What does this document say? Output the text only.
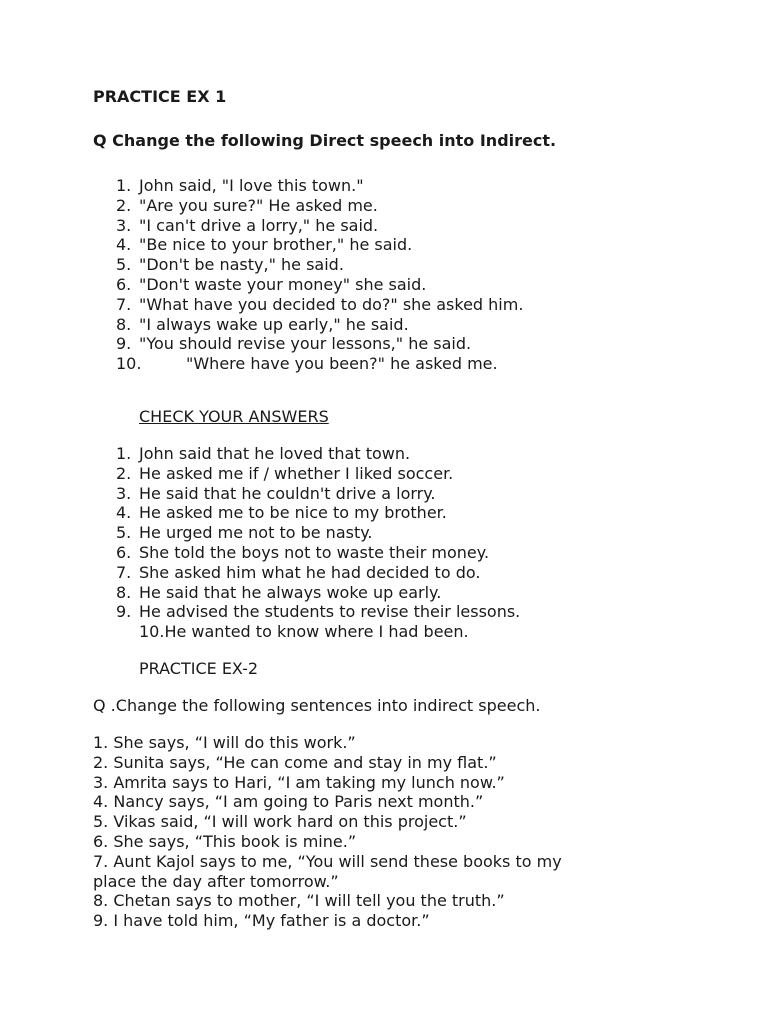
PRACTICE EX 1
Q Change the following Direct speech into Indirect.
1. John said, "I love this town."
2. "Are you sure?" He asked me.
3. "I can't drive a lorry," he said.
4. "Be nice to your brother," he said.
5. "Don't be nasty," he said.
6. "Don't waste your money" she said.
7. "What have you decided to do?" she asked him.
8. "I always wake up early," he said.
9. "You should revise your lessons," he said.
10.	"Where have you been?" he asked me.
CHECK YOUR ANSWERS
1. John said that he loved that town.
2. He asked me if / whether I liked soccer.
3. He said that he couldn't drive a lorry.
4. He asked me to be nice to my brother.
5. He urged me not to be nasty.
6. She told the boys not to waste their money.
7. She asked him what he had decided to do.
8. He said that he always woke up early.
9. He advised the students to revise their lessons.
10.He wanted to know where I had been.
PRACTICE EX-2
Q .Change the following sentences into indirect speech.
1. She says, “I will do this work.”
2. Sunita says, “He can come and stay in my flat.”
3. Amrita says to Hari, “I am taking my lunch now.”
4. Nancy says, “I am going to Paris next month.”
5. Vikas said, “I will work hard on this project.”
6. She says, “This book is mine.”
7. Aunt Kajol says to me, “You will send these books to my
place the day after tomorrow.”
8. Chetan says to mother, “I will tell you the truth.”
9. I have told him, “My father is a doctor.”
